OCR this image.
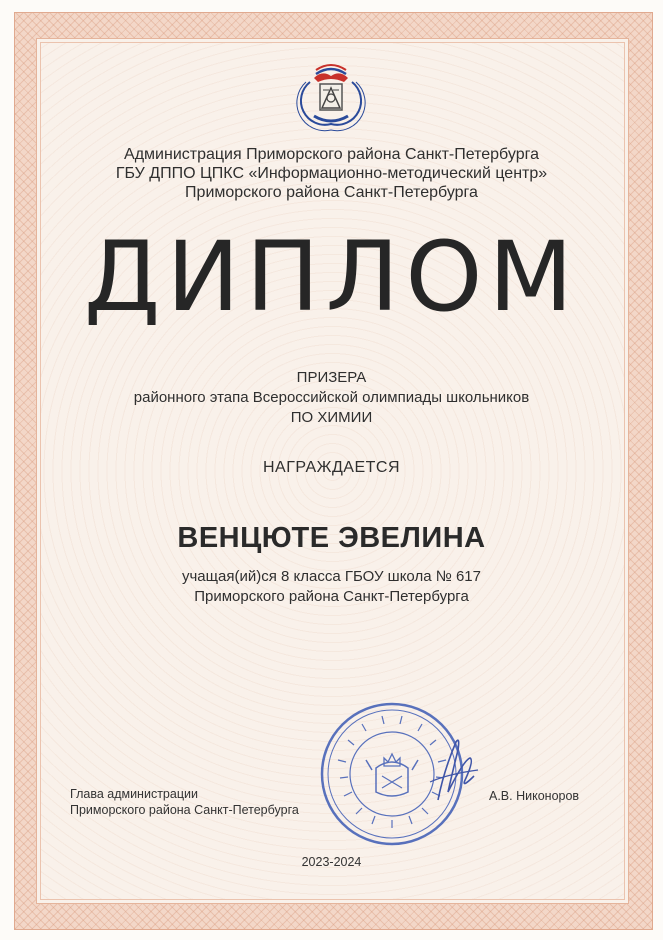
Администрация Приморского района Санкт-Петербурга
ГБУ ДППО ЦПКС «Информационно-методический центр»
Приморского района Санкт-Петербурга
ДИПЛОМ
ПРИЗЕРА
районного этапа Всероссийской олимпиады школьников
ПО ХИМИИ
НАГРАЖДАЕТСЯ
ВЕНЦЮТЕ ЭВЕЛИНА
учащая(ий)ся 8 класса ГБОУ школа № 617
Приморского района Санкт-Петербурга
Глава администрации
Приморского района Санкт-Петербурга
А.В. Никоноров
2023-2024
